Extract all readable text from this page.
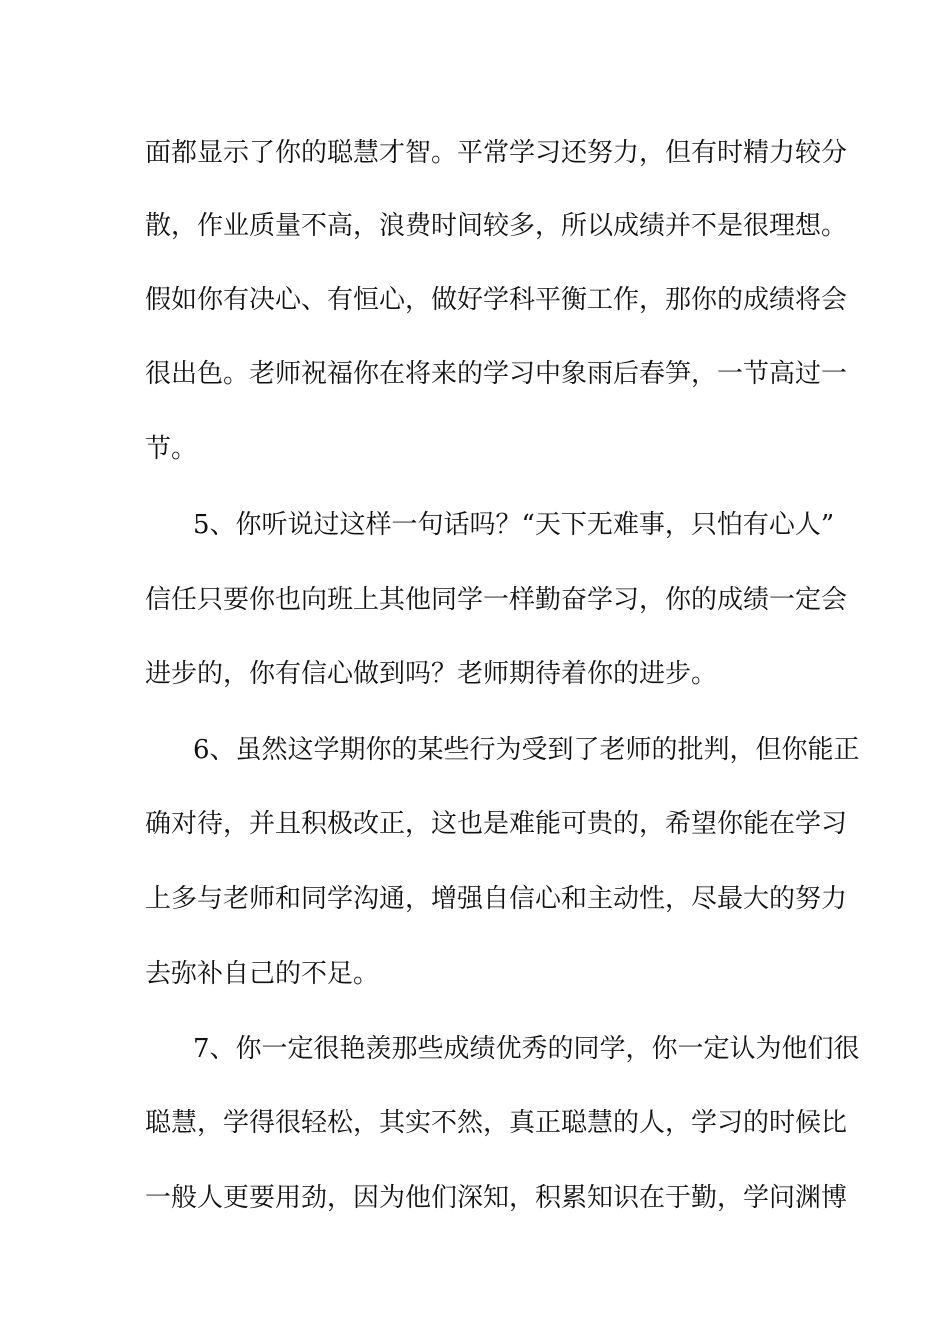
面都显示了你的聪慧才智。平常学习还努力，但有时精力较分
散，作业质量不高，浪费时间较多，所以成绩并不是很理想。
假如你有决心、有恒心，做好学科平衡工作，那你的成绩将会
很出色。老师祝福你在将来的学习中象雨后春笋，一节高过一
节。
5、你听说过这样一句话吗？“天下无难事，只怕有心人”
信任只要你也向班上其他同学一样勤奋学习，你的成绩一定会
进步的，你有信心做到吗？老师期待着你的进步。
6、虽然这学期你的某些行为受到了老师的批判，但你能正
确对待，并且积极改正，这也是难能可贵的，希望你能在学习
上多与老师和同学沟通，增强自信心和主动性，尽最大的努力
去弥补自己的不足。
7、你一定很艳羡那些成绩优秀的同学，你一定认为他们很
聪慧，学得很轻松，其实不然，真正聪慧的人，学习的时候比
一般人更要用劲，因为他们深知，积累知识在于勤，学问渊博
